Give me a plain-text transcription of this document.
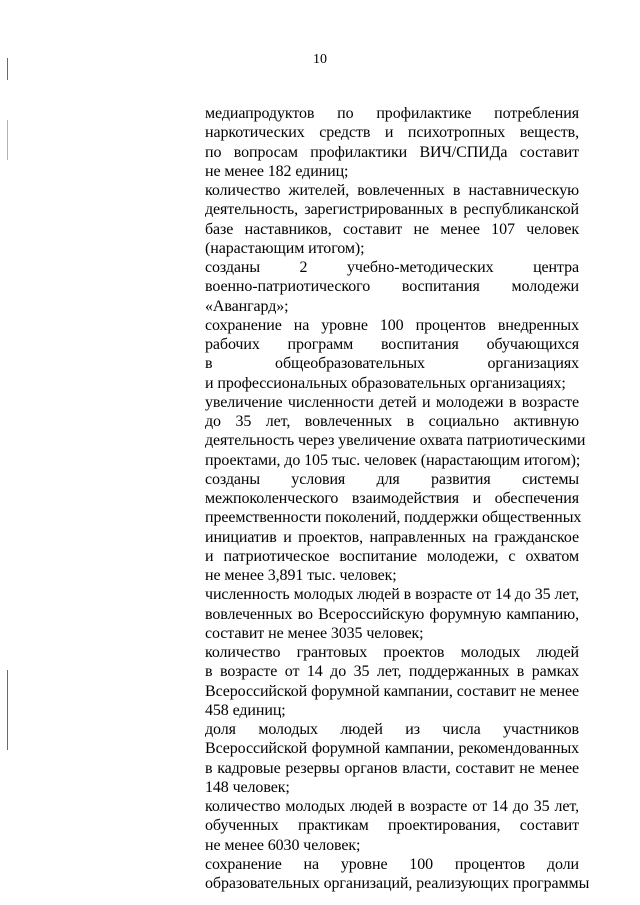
10
медиапродуктов по профилактике потребления
наркотических средств и психотропных веществ,
по вопросам профилактики ВИЧ/СПИДа составит
не менее 182 единиц;
количество жителей, вовлеченных в наставническую
деятельность, зарегистрированных в республиканской
базе наставников, составит не менее 107 человек
(нарастающим итогом);
созданы 2 учебно-методических центра
военно-патриотического воспитания молодежи
«Авангард»;
сохранение на уровне 100 процентов внедренных
рабочих программ воспитания обучающихся
в общеобразовательных организациях
и профессиональных образовательных организациях;
увеличение численности детей и молодежи в возрасте
до 35 лет, вовлеченных в социально активную
деятельность через увеличение охвата патриотическими
проектами, до 105 тыс. человек (нарастающим итогом);
созданы условия для развития системы
межпоколенческого взаимодействия и обеспечения
преемственности поколений, поддержки общественных
инициатив и проектов, направленных на гражданское
и патриотическое воспитание молодежи, с охватом
не менее 3,891 тыс. человек;
численность молодых людей в возрасте от 14 до 35 лет,
вовлеченных во Всероссийскую форумную кампанию,
составит не менее 3035 человек;
количество грантовых проектов молодых людей
в возрасте от 14 до 35 лет, поддержанных в рамках
Всероссийской форумной кампании, составит не менее
458 единиц;
доля молодых людей из числа участников
Всероссийской форумной кампании, рекомендованных
в кадровые резервы органов власти, составит не менее
148 человек;
количество молодых людей в возрасте от 14 до 35 лет,
обученных практикам проектирования, составит
не менее 6030 человек;
сохранение на уровне 100 процентов доли
образовательных организаций, реализующих программы
